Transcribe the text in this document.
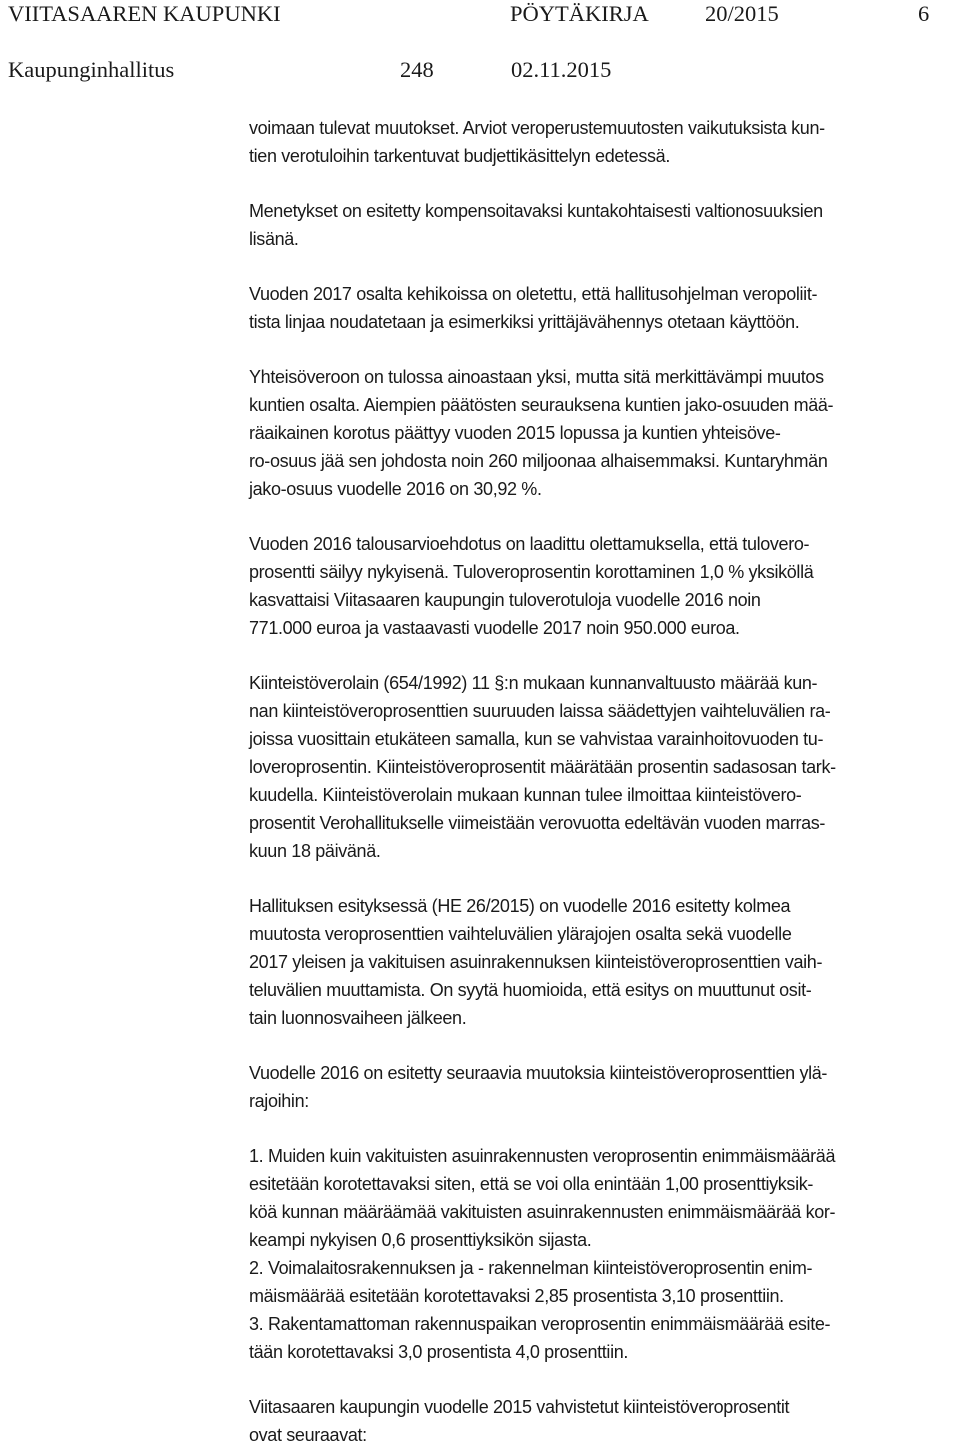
VIITASAAREN KAUPUNKI	PÖYTÄKIRJA 20/2015	6
Kaupunginhallitus	248	02.11.2015

voimaan tulevat muutokset. Arviot veroperustemuutosten vaikutuksista kun-
tien verotuloihin tarkentuvat budjettikäsittelyn edetessä.

Menetykset on esitetty kompensoitavaksi kuntakohtaisesti valtionosuuksien
lisänä.

Vuoden 2017 osalta kehikoissa on oletettu, että hallitusohjelman veropoliit-
tista linjaa noudatetaan ja esimerkiksi yrittäjävähennys otetaan käyttöön.

Yhteisöveroon on tulossa ainoastaan yksi, mutta sitä merkittävämpi muutos
kuntien osalta. Aiempien päätösten seurauksena kuntien jako-osuuden mää-
räaikainen korotus päättyy vuoden 2015 lopussa ja kuntien yhteisöve-
ro-osuus jää sen johdosta noin 260 miljoonaa alhaisemmaksi. Kuntaryhmän
jako-osuus vuodelle 2016 on 30,92 %.

Vuoden 2016 talousarvioehdotus on laadittu olettamuksella, että tulovero-
prosentti säilyy nykyisenä. Tuloveroprosentin korottaminen 1,0 % yksiköllä
kasvattaisi Viitasaaren kaupungin tuloverotuloja vuodelle 2016 noin
771.000 euroa ja vastaavasti vuodelle 2017 noin 950.000 euroa.

Kiinteistöverolain (654/1992) 11 §:n mukaan kunnanvaltuusto määrää kun-
nan kiinteistöveroprosenttien suuruuden laissa säädettyjen vaihteluvälien ra-
joissa vuosittain etukäteen samalla, kun se vahvistaa varainhoitovuoden tu-
loveroprosentin. Kiinteistöveroprosentit määrätään prosentin sadasosan tark-
kuudella. Kiinteistöverolain mukaan kunnan tulee ilmoittaa kiinteistövero-
prosentit Verohallitukselle viimeistään verovuotta edeltävän vuoden marras-
kuun 18 päivänä.

Hallituksen esityksessä (HE 26/2015) on vuodelle 2016 esitetty kolmea
muutosta veroprosenttien vaihteluvälien ylärajojen osalta sekä vuodelle
2017 yleisen ja vakituisen asuinrakennuksen kiinteistöveroprosenttien vaih-
teluvälien muuttamista. On syytä huomioida, että esitys on muuttunut osit-
tain luonnosvaiheen jälkeen.

Vuodelle 2016 on esitetty seuraavia muutoksia kiinteistöveroprosenttien ylä-
rajoihin:

1. Muiden kuin vakituisten asuinrakennusten veroprosentin enimmäismäärää
esitetään korotettavaksi siten, että se voi olla enintään 1,00 prosenttiyksik-
köä kunnan määräämää vakituisten asuinrakennusten enimmäismäärää kor-
keampi nykyisen 0,6 prosenttiyksikön sijasta.

2. Voimalaitosrakennuksen ja - rakennelman kiinteistöveroprosentin enim-
mäismäärää esitetään korotettavaksi 2,85 prosentista 3,10 prosenttiin.

3. Rakentamattoman rakennuspaikan veroprosentin enimmäismäärää esite-
tään korotettavaksi 3,0 prosentista 4,0 prosenttiin.

Viitasaaren kaupungin vuodelle 2015 vahvistetut kiinteistöveroprosentit
ovat seuraavat:
